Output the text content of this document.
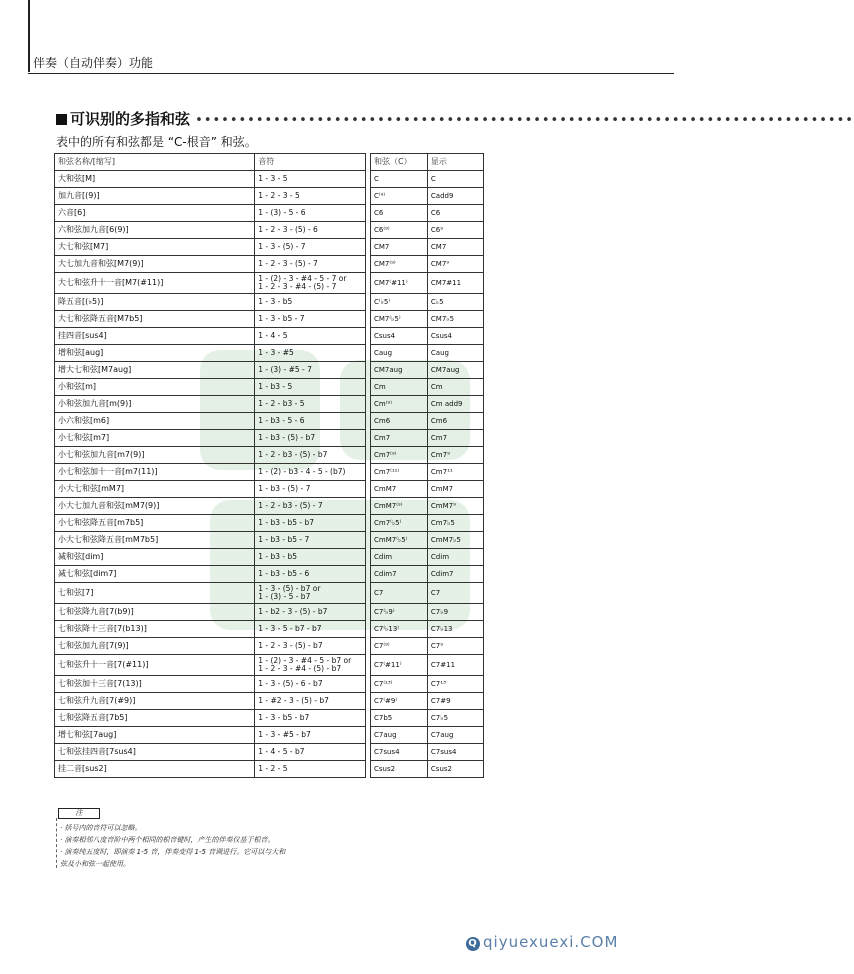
伴奏（自动伴奏）功能
可识别的多指和弦 ••••••••••••••••••••••••••••••••••••••••••••••••••••••••••••••••••••••••••••
表中的所有和弦都是 “C-根音” 和弦。
和弦名称/[缩写]	音符
大和弦[M]	1 - 3 - 5
加九音[(9)]	1 - 2 - 3 - 5
六音[6]	1 - (3) - 5 - 6
六和弦加九音[6(9)]	1 - 2 - 3 - (5) - 6
大七和弦[M7]	1 - 3 - (5) - 7
大七加九音和弦[M7(9)]	1 - 2 - 3 - (5) - 7
大七和弦升十一音[M7(#11)]	1 - (2) - 3 - #4 - 5 - 7 or
1 - 2 - 3 - #4 - (5) - 7
降五音[(♭5)]	1 - 3 - b5
大七和弦降五音[M7b5]	1 - 3 - b5 - 7
挂四音[sus4]	1 - 4 - 5
增和弦[aug]	1 - 3 - #5
增大七和弦[M7aug]	1 - (3) - #5 - 7
小和弦[m]	1 - b3 - 5
小和弦加九音[m(9)]	1 - 2 - b3 - 5
小六和弦[m6]	1 - b3 - 5 - 6
小七和弦[m7]	1 - b3 - (5) - b7
小七和弦加九音[m7(9)]	1 - 2 - b3 - (5) - b7
小七和弦加十一音[m7(11)]	1 - (2) - b3 - 4 - 5 - (b7)
小大七和弦[mM7]	1 - b3 - (5) - 7
小大七加九音和弦[mM7(9)]	1 - 2 - b3 - (5) - 7
小七和弦降五音[m7b5]	1 - b3 - b5 - b7
小大七和弦降五音[mM7b5]	1 - b3 - b5 - 7
减和弦[dim]	1 - b3 - b5
减七和弦[dim7]	1 - b3 - b5 - 6
七和弦[7]	1 - 3 - (5) - b7 or
1 - (3) - 5 - b7
七和弦降九音[7(b9)]	1 - b2 - 3 - (5) - b7
七和弦降十三音[7(b13)]	1 - 3 - 5 - b7 - b7
七和弦加九音[7(9)]	1 - 2 - 3 - (5) - b7
七和弦升十一音[7(#11)]	1 - (2) - 3 - #4 - 5 - b7 or
1 - 2 - 3 - #4 - (5) - b7
七和弦加十三音[7(13)]	1 - 3 - (5) - 6 - b7
七和弦升九音[7(#9)]	1 - #2 - 3 - (5) - b7
七和弦降五音[7b5]	1 - 3 - b5 - b7
增七和弦[7aug]	1 - 3 - #5 - b7
七和弦挂四音[7sus4]	1 - 4 - 5 - b7
挂二音[sus2]	1 - 2 - 5
和弦（C）	显示
C	C
C⁽⁹⁾	Cadd9
C6	C6
C6⁽⁹⁾	C6⁹
CM7	CM7
CM7⁽⁹⁾	CM7⁹
CM7⁽#11⁾	CM7#11
C⁽♭5⁾	C♭5
CM7⁽♭5⁾	CM7♭5
Csus4	Csus4
Caug	Caug
CM7aug	CM7aug
Cm	Cm
Cm⁽⁹⁾	Cm add9
Cm6	Cm6
Cm7	Cm7
Cm7⁽⁹⁾	Cm7⁹
Cm7⁽¹¹⁾	Cm7¹¹
CmM7	CmM7
CmM7⁽⁹⁾	CmM7⁹
Cm7⁽♭5⁾	Cm7♭5
CmM7⁽♭5⁾	CmM7♭5
Cdim	Cdim
Cdim7	Cdim7
C7	C7
C7⁽♭9⁾	C7♭9
C7⁽♭13⁾	C7♭13
C7⁽⁹⁾	C7⁹
C7⁽#11⁾	C7#11
C7⁽¹³⁾	C7¹³
C7⁽#9⁾	C7#9
C7b5	C7♭5
C7aug	C7aug
C7sus4	C7sus4
Csus2	Csus2
注
· 括号内的音符可以忽略。
· 演奏相邻八度音阶中两个相同的根音键时，产生的伴奏仅基于根音。
· 演奏纯五度时，即演奏 1-5 音，伴奏变得 1-5 音调进行。它可以与大和
弦及小和弦一起使用。
Q qiyuexuexi.COM
